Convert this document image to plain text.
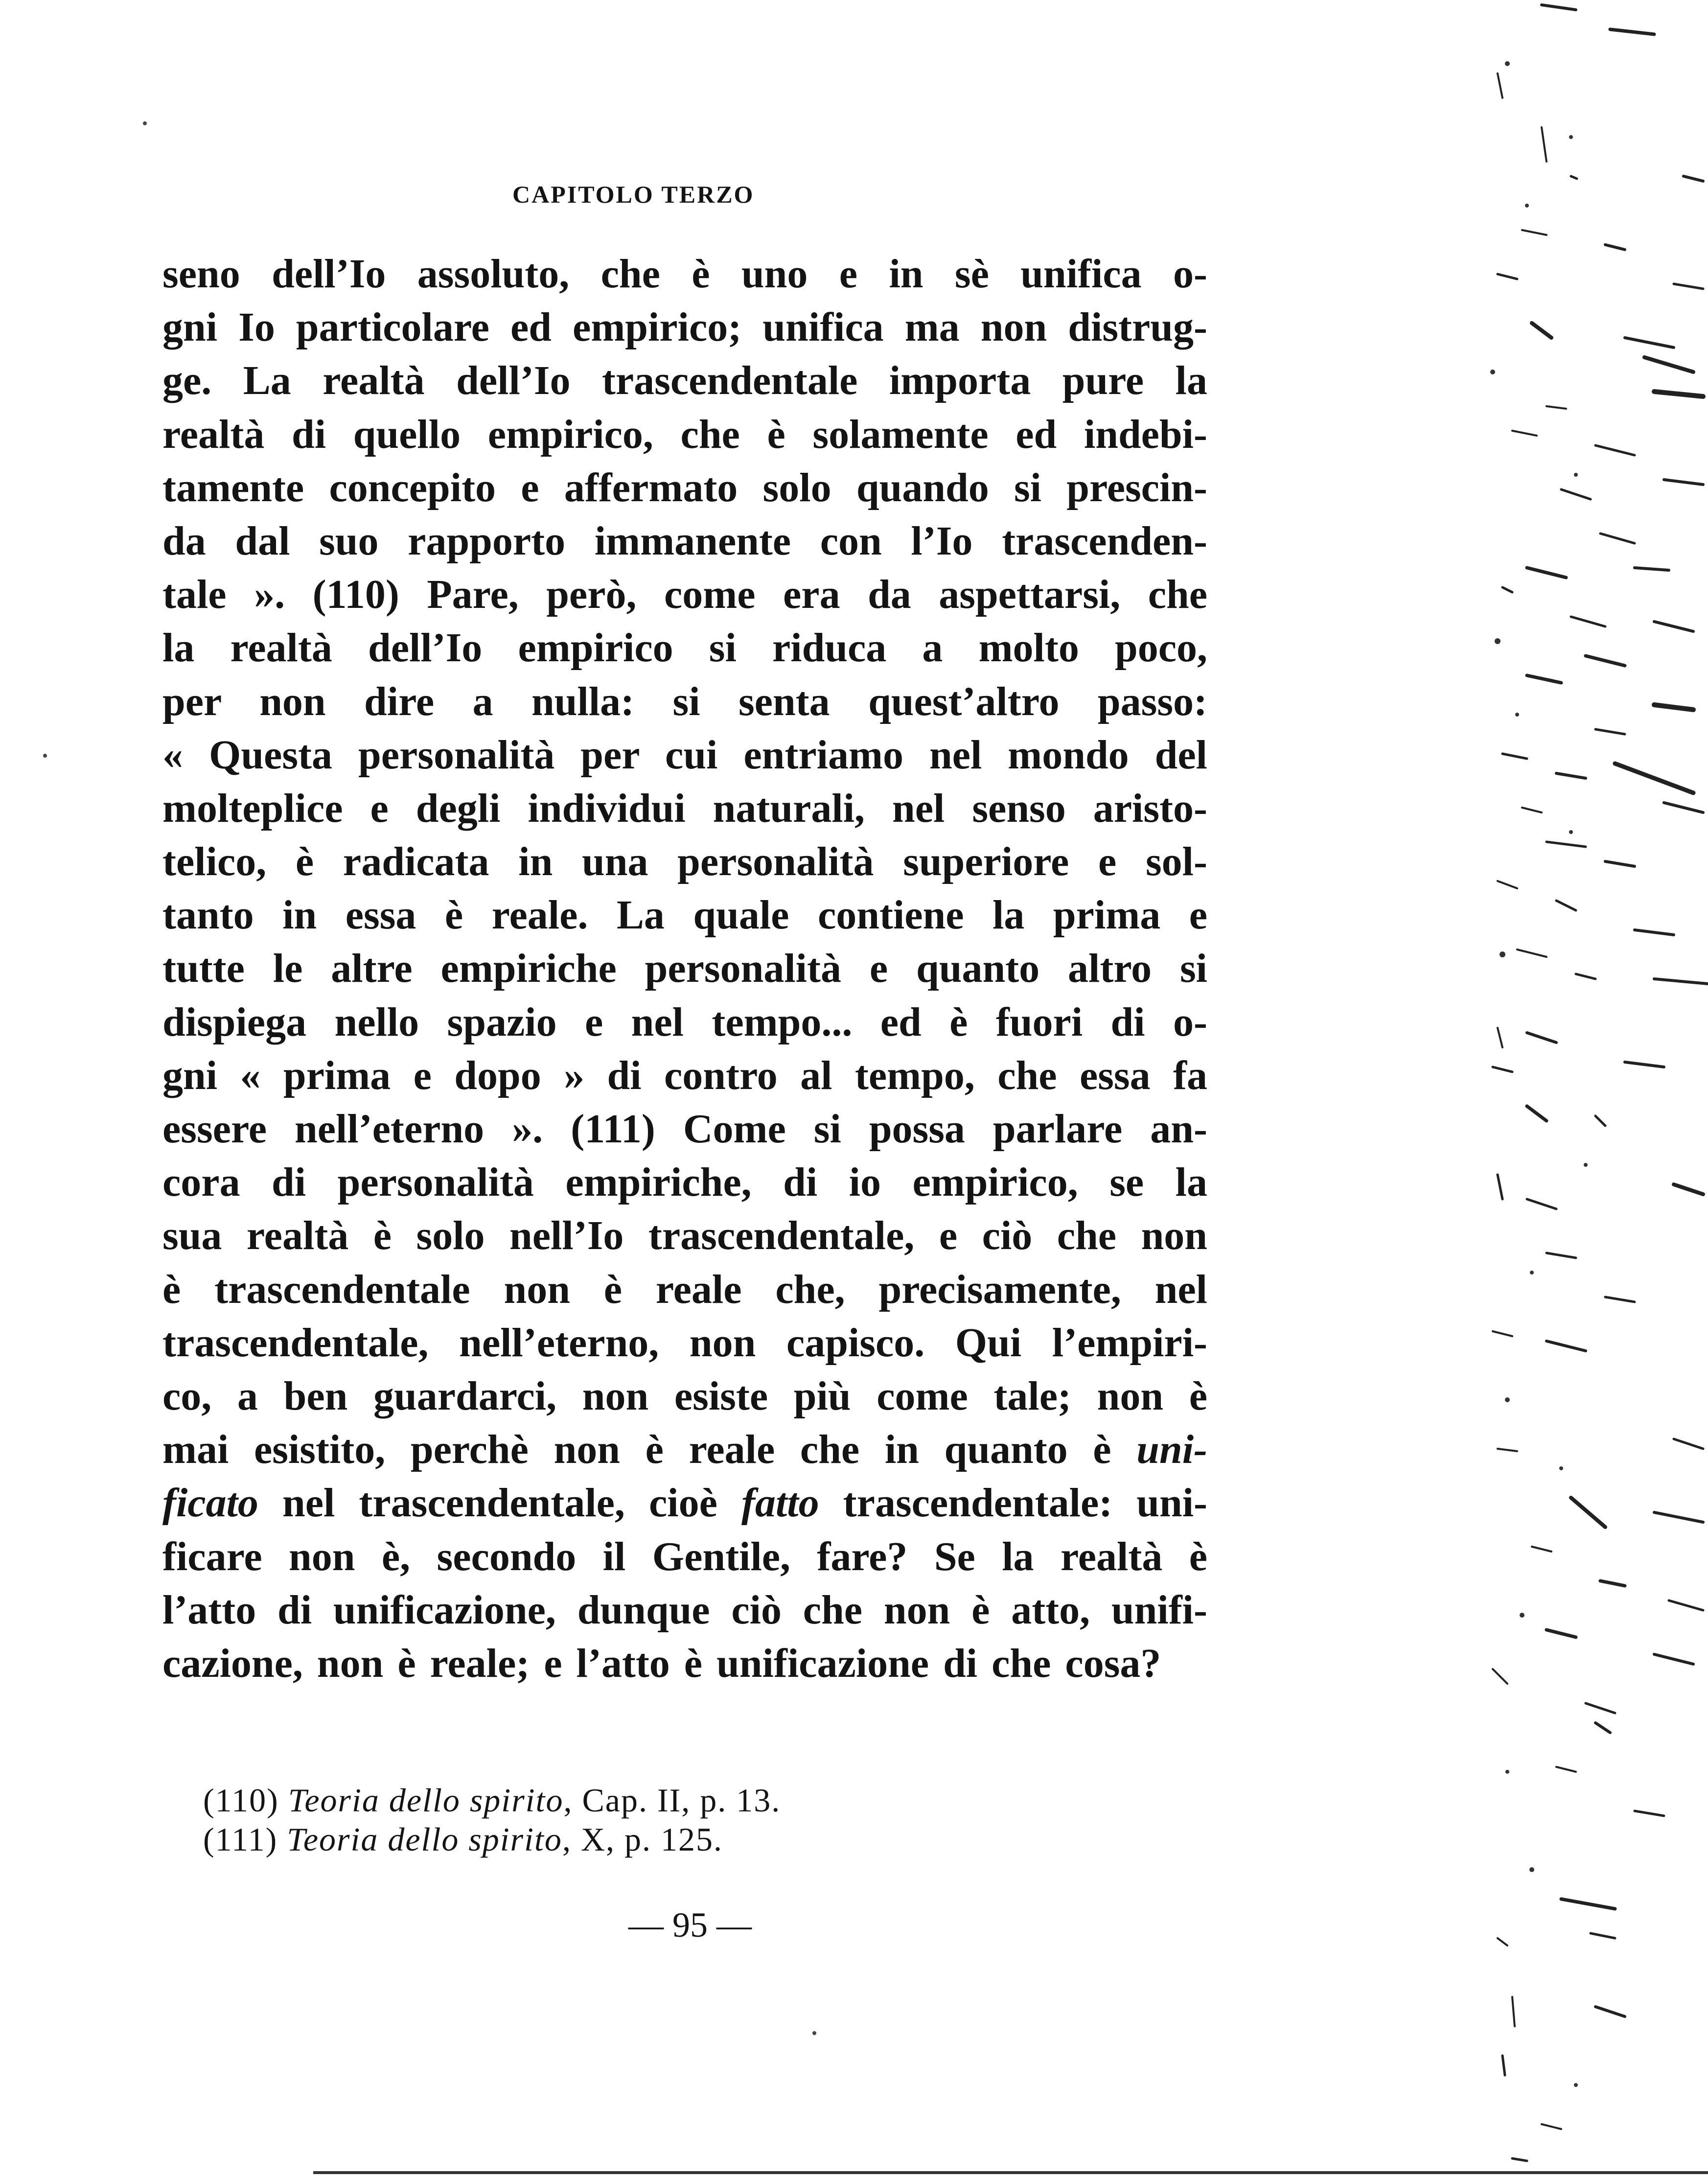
CAPITOLO TERZO
seno dell’Io assoluto, che è uno e in sè unifica o-
gni Io particolare ed empirico; unifica ma non distrug-
ge. La realtà dell’Io trascendentale importa pure la
realtà di quello empirico, che è solamente ed indebi-
tamente concepito e affermato solo quando si prescin-
da dal suo rapporto immanente con l’Io trascenden-
tale ». (110) Pare, però, come era da aspettarsi, che
la realtà dell’Io empirico si riduca a molto poco,
per non dire a nulla: si senta quest’altro passo:
« Questa personalità per cui entriamo nel mondo del
molteplice e degli individui naturali, nel senso aristo-
telico, è radicata in una personalità superiore e sol-
tanto in essa è reale. La quale contiene la prima e
tutte le altre empiriche personalità e quanto altro si
dispiega nello spazio e nel tempo... ed è fuori di o-
gni « prima e dopo » di contro al tempo, che essa fa
essere nell’eterno ». (111) Come si possa parlare an-
cora di personalità empiriche, di io empirico, se la
sua realtà è solo nell’Io trascendentale, e ciò che non
è trascendentale non è reale che, precisamente, nel
trascendentale, nell’eterno, non capisco. Qui l’empiri-
co, a ben guardarci, non esiste più come tale; non è
mai esistito, perchè non è reale che in quanto è uni-
ficato nel trascendentale, cioè fatto trascendentale: uni-
ficare non è, secondo il Gentile, fare? Se la realtà è
l’atto di unificazione, dunque ciò che non è atto, unifi-
cazione, non è reale; e l’atto è unificazione di che cosa?
(110) Teoria dello spirito, Cap. II, p. 13.
(111) Teoria dello spirito, X, p. 125.
— 95 —
